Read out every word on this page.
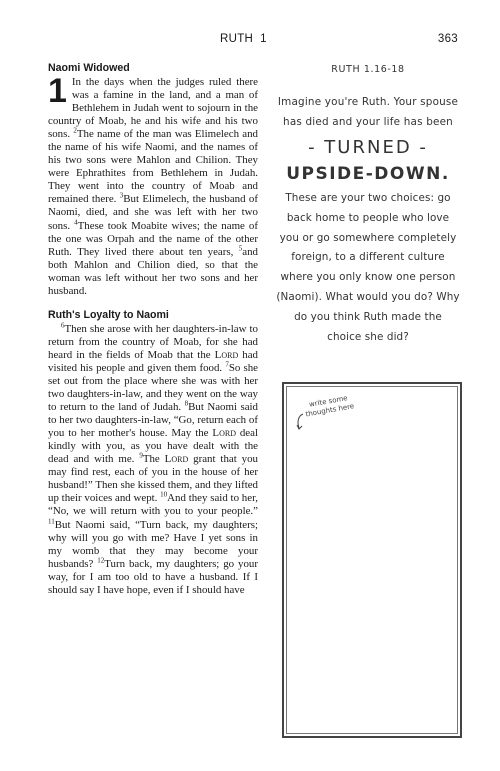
RUTH 1	363
Naomi Widowed

1 In the days when the judges ruled there was a famine in the land, and a man of Bethlehem in Judah went to sojourn in the country of Moab, he and his wife and his two sons. $^2$The name of the man was Elimelech and the name of his wife Naomi, and the names of his two sons were Mahlon and Chilion. They were Ephrathites from Bethlehem in Judah. They went into the country of Moab and remained there. $^3$But Elimelech, the husband of Naomi, died, and she was left with her two sons. $^4$These took Moabite wives; the name of the one was Orpah and the name of the other Ruth. They lived there about ten years, $^5$and both Mahlon and Chilion died, so that the woman was left without her two sons and her husband.

Ruth's Loyalty to Naomi

$^6$Then she arose with her daughters-in-law to return from the country of Moab, for she had heard in the fields of Moab that the Lord had visited his people and given them food. $^7$So she set out from the place where she was with her two daughters-in-law, and they went on the way to return to the land of Judah. $^8$But Naomi said to her two daughters-in-law, “Go, return each of you to her mother's house. May the Lord deal kindly with you, as you have dealt with the dead and with me. $^9$The Lord grant that you may find rest, each of you in the house of her husband!” Then she kissed them, and they lifted up their voices and wept. $^{10}$And they said to her, “No, we will return with you to your people.” $^{11}$But Naomi said, “Turn back, my daughters; why will you go with me? Have I yet sons in my womb that they may become your husbands? $^{12}$Turn back, my daughters; go your way, for I am too old to have a husband. If I should say I have hope, even if I should have

RUTH 1.16-18
Imagine you're Ruth. Your spouse has died and your life has been
- TURNED -
UPSIDE-DOWN.
These are your two choices: go back home to people who love you or go somewhere completely foreign, to a different culture where you only know one person (Naomi). What would you do? Why do you think Ruth made the choice she did?
write some thoughts here
